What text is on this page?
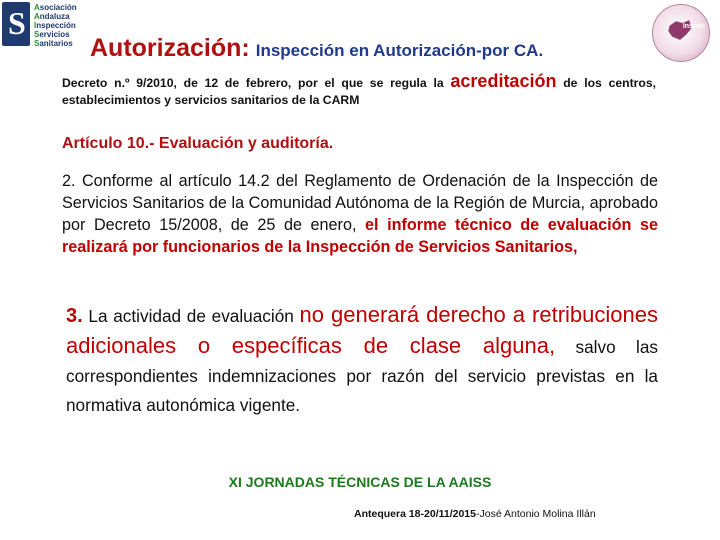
S Asociación
Andaluza
Inspección
Servicios
Sanitarios
Inspec
Autorización: Inspección en Autorización-por CA.
Decreto n.º 9/2010, de 12 de febrero, por el que se regula la acreditación de los centros, establecimientos y servicios sanitarios de la CARM
Artículo 10.- Evaluación y auditoría.
2. Conforme al artículo 14.2 del Reglamento de Ordenación de la Inspección de Servicios Sanitarios de la Comunidad Autónoma de la Región de Murcia, aprobado por Decreto 15/2008, de 25 de enero, el informe técnico de evaluación se realizará por funcionarios de la Inspección de Servicios Sanitarios,
3. La actividad de evaluación no generará derecho a retribuciones adicionales o específicas de clase alguna, salvo las correspondientes indemnizaciones por razón del servicio previstas en la normativa autonómica vigente.
XI JORNADAS TÉCNICAS DE LA AAISS
Antequera 18-20/11/2015-José Antonio Molina Illán
